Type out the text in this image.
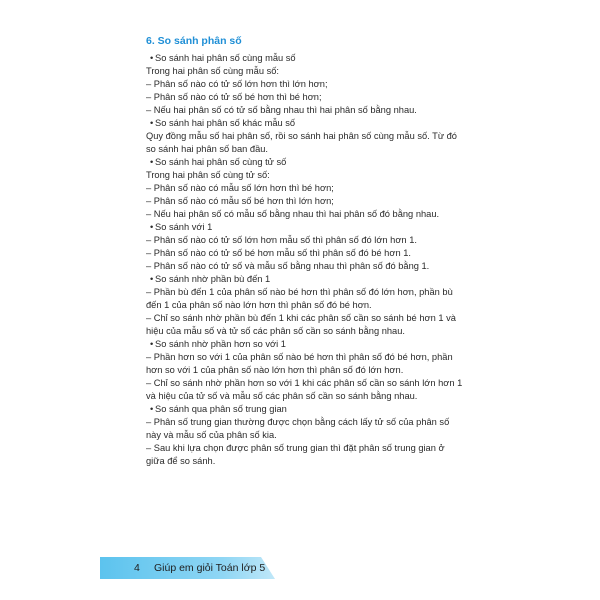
6. So sánh phân số
• So sánh hai phân số cùng mẫu số
Trong hai phân số cùng mẫu số:
– Phân số nào có tử số lớn hơn thì lớn hơn;
– Phân số nào có tử số bé hơn thì bé hơn;
– Nếu hai phân số có tử số bằng nhau thì hai phân số bằng nhau.
• So sánh hai phân số khác mẫu số
Quy đồng mẫu số hai phân số, rồi so sánh hai phân số cùng mẫu số. Từ đó
so sánh hai phân số ban đầu.
• So sánh hai phân số cùng tử số
Trong hai phân số cùng tử số:
– Phân số nào có mẫu số lớn hơn thì bé hơn;
– Phân số nào có mẫu số bé hơn thì lớn hơn;
– Nếu hai phân số có mẫu số bằng nhau thì hai phân số đó bằng nhau.
• So sánh với 1
– Phân số nào có tử số lớn hơn mẫu số thì phân số đó lớn hơn 1.
– Phân số nào có tử số bé hơn mẫu số thì phân số đó bé hơn 1.
– Phân số nào có tử số và mẫu số bằng nhau thì phân số đó bằng 1.
• So sánh nhờ phần bù đến 1
– Phần bù đến 1 của phân số nào bé hơn thì phân số đó lớn hơn, phần bù
đến 1 của phân số nào lớn hơn thì phân số đó bé hơn.
– Chỉ so sánh nhờ phần bù đến 1 khi các phân số cần so sánh bé hơn 1 và
hiệu của mẫu số và tử số các phân số cần so sánh bằng nhau.
• So sánh nhờ phần hơn so với 1
– Phần hơn so với 1 của phân số nào bé hơn thì phân số đó bé hơn, phần
hơn so với 1 của phân số nào lớn hơn thì phân số đó lớn hơn.
– Chỉ so sánh nhờ phần hơn so với 1 khi các phân số cần so sánh lớn hơn 1
và hiệu của tử số và mẫu số các phân số cần so sánh bằng nhau.
• So sánh qua phân số trung gian
– Phân số trung gian thường được chọn bằng cách lấy tử số của phân số
này và mẫu số của phân số kia.
– Sau khi lựa chọn được phân số trung gian thì đặt phân số trung gian ở
giữa để so sánh.
4 Giúp em giỏi Toán lớp 5
